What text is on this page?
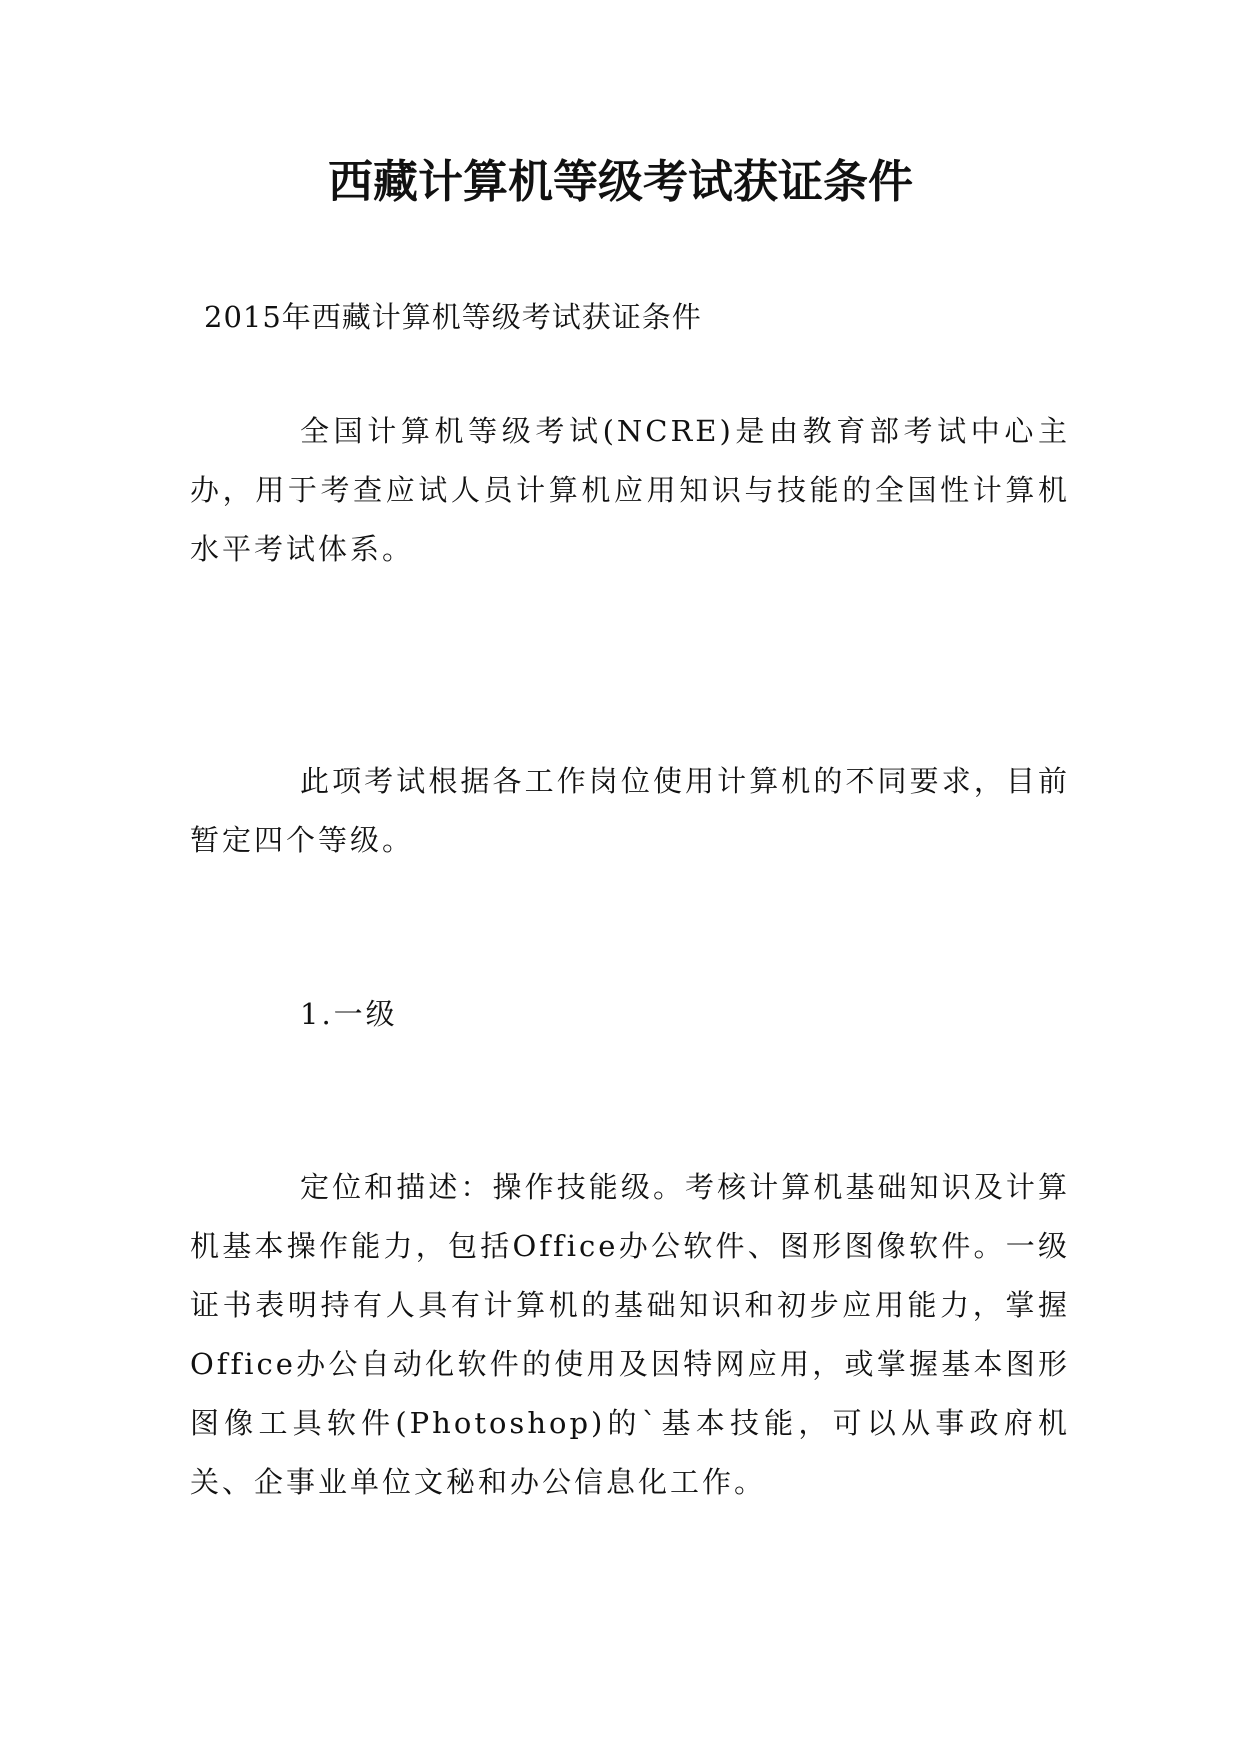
西藏计算机等级考试获证条件

2015年西藏计算机等级考试获证条件

全国计算机等级考试(NCRE)是由教育部考试中心主办，用于考查应试人员计算机应用知识与技能的全国性计算机水平考试体系。

此项考试根据各工作岗位使用计算机的不同要求，目前暂定四个等级。

1.一级

定位和描述：操作技能级。考核计算机基础知识及计算机基本操作能力，包括Office办公软件、图形图像软件。一级证书表明持有人具有计算机的基础知识和初步应用能力，掌握Office办公自动化软件的使用及因特网应用，或掌握基本图形图像工具软件(Photoshop)的`基本技能，可以从事政府机关、企事业单位文秘和办公信息化工作。
